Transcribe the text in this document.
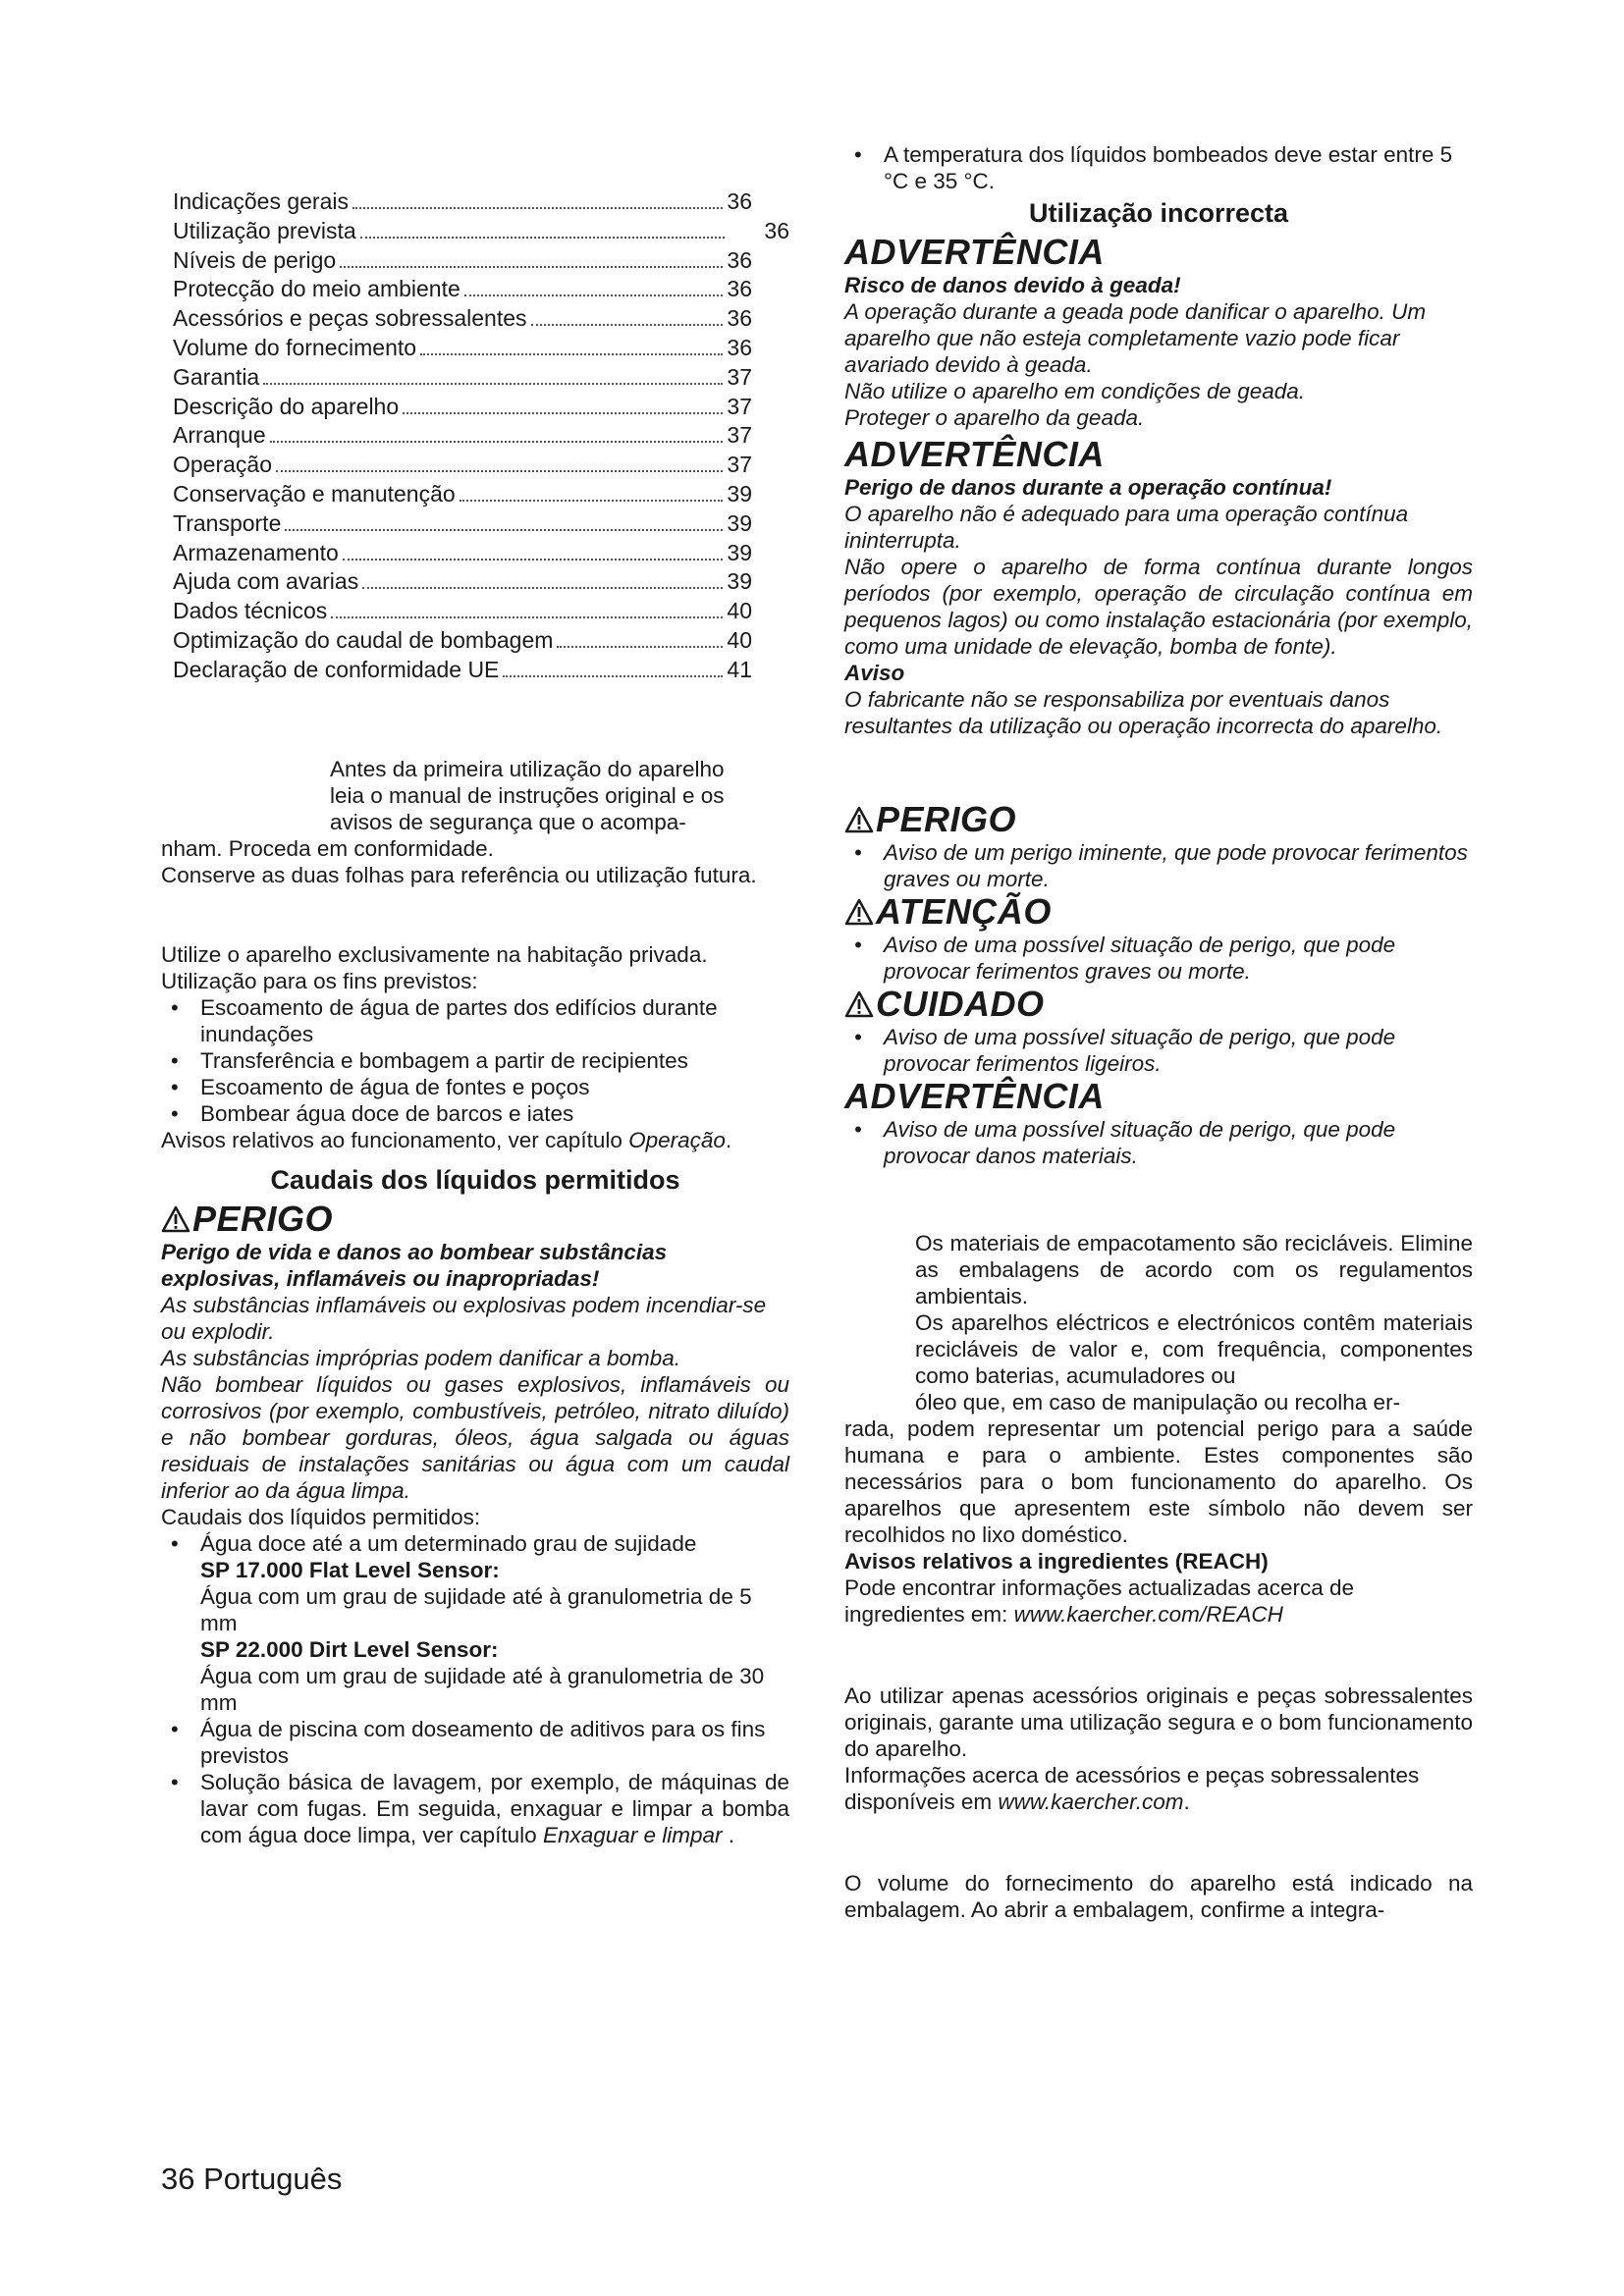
Indicações gerais	36
Utilização prevista	36
Níveis de perigo	36
Protecção do meio ambiente	36
Acessórios e peças sobressalentes	36
Volume do fornecimento	36
Garantia	37
Descrição do aparelho	37
Arranque	37
Operação	37
Conservação e manutenção	39
Transporte	39
Armazenamento	39
Ajuda com avarias	39
Dados técnicos	40
Optimização do caudal de bombagem	40
Declaração de conformidade UE	41

Antes da primeira utilização do aparelho

leia o manual de instruções original e os

avisos de segurança que o acompa-

nham. Proceda em conformidade.

Conserve as duas folhas para referência ou utilização futura.

Utilize o aparelho exclusivamente na habitação privada.

Utilização para os fins previstos:

• Escoamento de água de partes dos edifícios durante inundações
• Transferência e bombagem a partir de recipientes
• Escoamento de água de fontes e poços
• Bombear água doce de barcos e iates

Avisos relativos ao funcionamento, ver capítulo Operação.

Caudais dos líquidos permitidos
PERIGO

Perigo de vida e danos ao bombear substâncias explosivas, inflamáveis ou inapropriadas!

As substâncias inflamáveis ou explosivas podem incendiar-se ou explodir.

As substâncias impróprias podem danificar a bomba.

Não bombear líquidos ou gases explosivos, inflamáveis ou corrosivos (por exemplo, combustíveis, petróleo, nitrato diluído) e não bombear gorduras, óleos, água salgada ou águas residuais de instalações sanitárias ou água com um caudal inferior ao da água limpa.

Caudais dos líquidos permitidos:

• Água doce até a um determinado grau de sujidade
SP 17.000 Flat Level Sensor:
Água com um grau de sujidade até à granulometria de 5 mm
SP 22.000 Dirt Level Sensor:
Água com um grau de sujidade até à granulometria de 30 mm
• Água de piscina com doseamento de aditivos para os fins previstos
• Solução básica de lavagem, por exemplo, de máquinas de lavar com fugas. Em seguida, enxaguar e limpar a bomba com água doce limpa, ver capítulo Enxaguar e limpar .
• A temperatura dos líquidos bombeados deve estar entre 5 °C e 35 °C.
Utilização incorrecta
ADVERTÊNCIA

Risco de danos devido à geada!

A operação durante a geada pode danificar o aparelho. Um aparelho que não esteja completamente vazio pode ficar avariado devido à geada.

Não utilize o aparelho em condições de geada.

Proteger o aparelho da geada.

ADVERTÊNCIA

Perigo de danos durante a operação contínua!

O aparelho não é adequado para uma operação contínua ininterrupta.

Não opere o aparelho de forma contínua durante longos períodos (por exemplo, operação de circulação contínua em pequenos lagos) ou como instalação estacionária (por exemplo, como uma unidade de elevação, bomba de fonte).

Aviso

O fabricante não se responsabiliza por eventuais danos resultantes da utilização ou operação incorrecta do aparelho.

PERIGO
• Aviso de um perigo iminente, que pode provocar ferimentos graves ou morte.
ATENÇÃO
• Aviso de uma possível situação de perigo, que pode provocar ferimentos graves ou morte.
CUIDADO
• Aviso de uma possível situação de perigo, que pode provocar ferimentos ligeiros.
ADVERTÊNCIA
• Aviso de uma possível situação de perigo, que pode provocar danos materiais.

Os materiais de empacotamento são recicláveis. Elimine as embalagens de acordo com os regulamentos ambientais.

Os aparelhos eléctricos e electrónicos contêm materiais recicláveis de valor e, com frequência, componentes como baterias, acumuladores ou

óleo que, em caso de manipulação ou recolha er-

rada, podem representar um potencial perigo para a saúde humana e para o ambiente. Estes componentes são necessários para o bom funcionamento do aparelho. Os aparelhos que apresentem este símbolo não devem ser recolhidos no lixo doméstico.

Avisos relativos a ingredientes (REACH)

Pode encontrar informações actualizadas acerca de ingredientes em: www.kaercher.com/REACH

Ao utilizar apenas acessórios originais e peças sobressalentes originais, garante uma utilização segura e o bom funcionamento do aparelho.

Informações acerca de acessórios e peças sobressalentes disponíveis em www.kaercher.com.

O volume do fornecimento do aparelho está indicado na embalagem. Ao abrir a embalagem, confirme a integra-

36 Português
